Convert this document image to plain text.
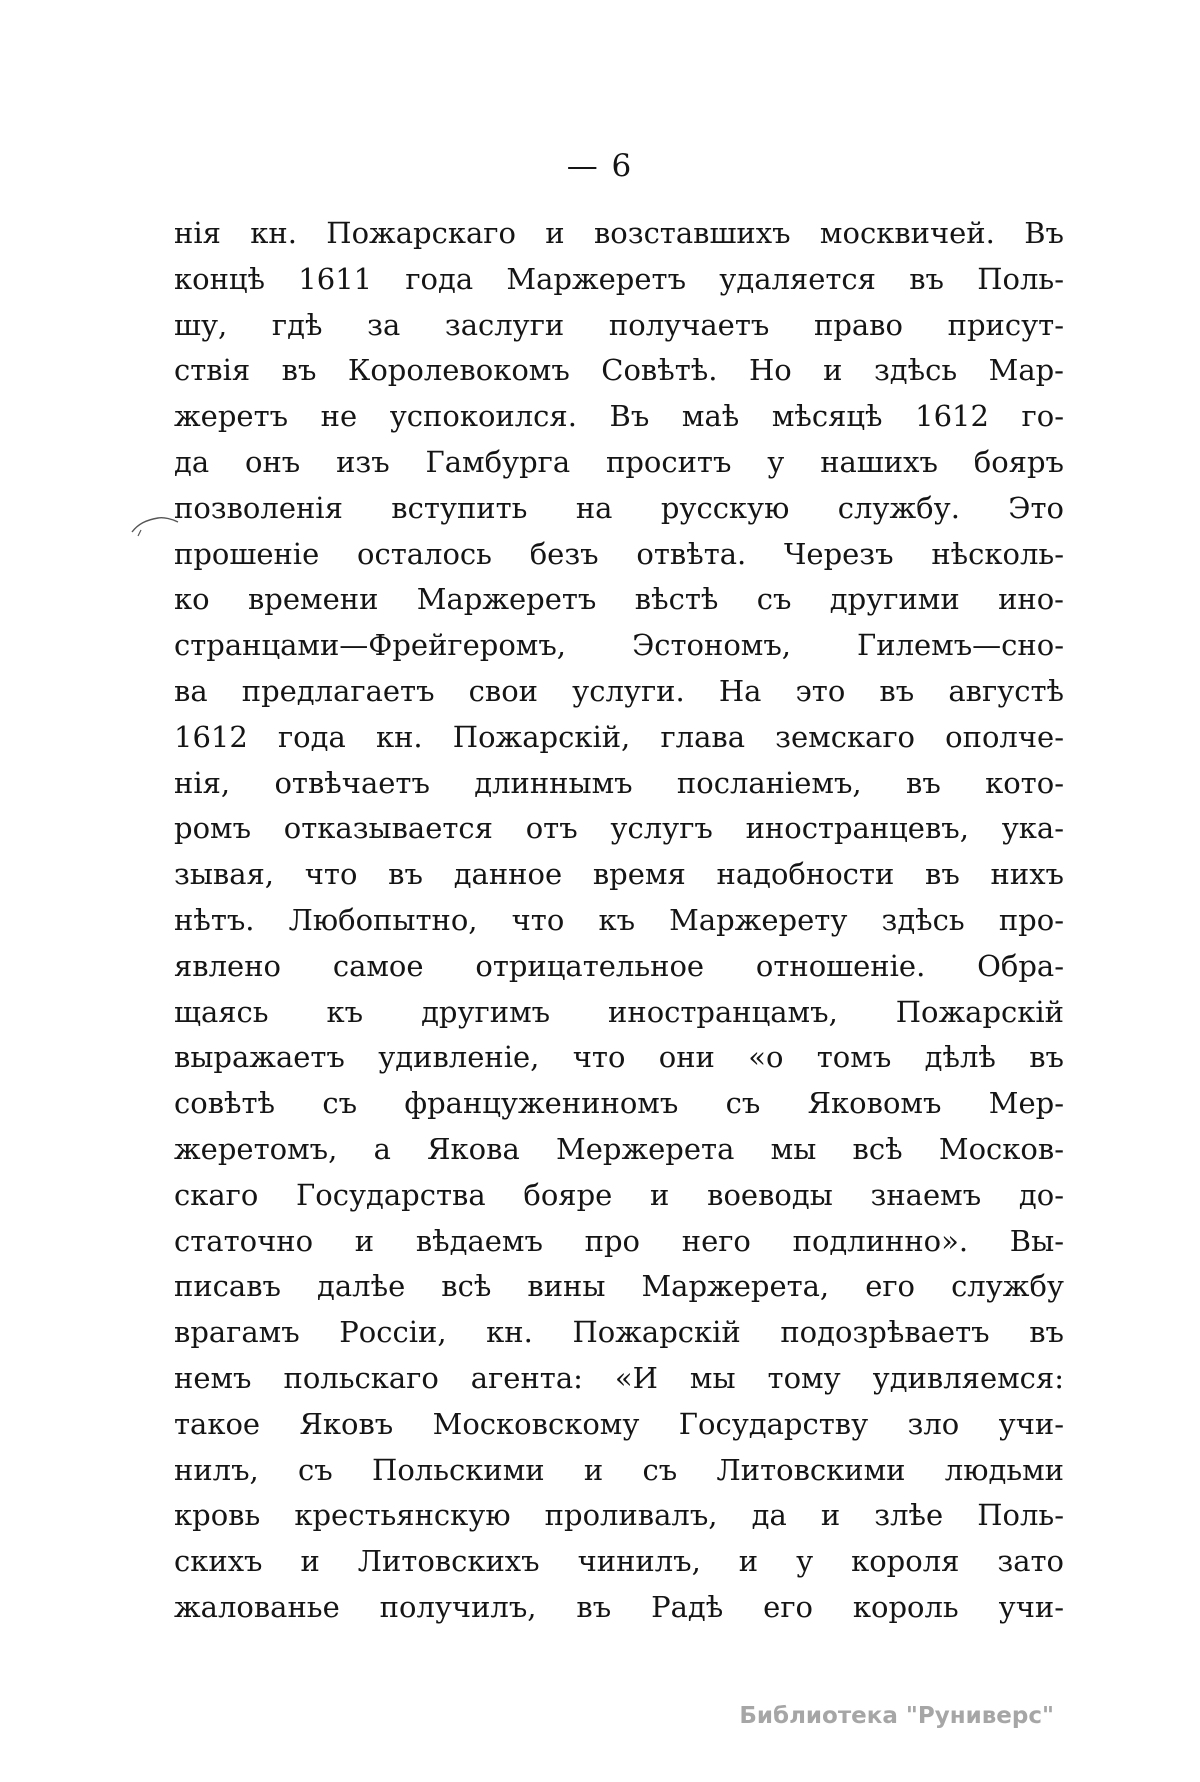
— 6
нія кн. Пожарскаго и возставшихъ москвичей. Въ
концѣ 1611 года Маржеретъ удаляется въ Поль-
шу, гдѣ за заслуги получаетъ право присут-
ствія въ Королевокомъ Совѣтѣ. Но и здѣсь Мар-
жеретъ не успокоился. Въ маѣ мѣсяцѣ 1612 го-
да онъ изъ Гамбурга проситъ у нашихъ бояръ
позволенія вступить на русскую службу. Это
прошеніе осталось безъ отвѣта. Черезъ нѣсколь-
ко времени Маржеретъ вѣстѣ съ другими ино-
странцами—Фрейгеромъ, Эстономъ, Гилемъ—сно-
ва предлагаетъ свои услуги. На это въ августѣ
1612 года кн. Пожарскій, глава земскаго ополче-
нія, отвѣчаетъ длиннымъ посланіемъ, въ кото-
ромъ отказывается отъ услугъ иностранцевъ, ука-
зывая, что въ данное время надобности въ нихъ
нѣтъ. Любопытно, что къ Маржерету здѣсь про-
явлено самое отрицательное отношеніе. Обра-
щаясь къ другимъ иностранцамъ, Пожарскій
выражаетъ удивленіе, что они «о томъ дѣлѣ въ
совѣтѣ съ францужениномъ съ Яковомъ Мер-
жеретомъ, а Якова Мержерета мы всѣ Москов-
скаго Государства бояре и воеводы знаемъ до-
статочно и вѣдаемъ про него подлинно». Вы-
писавъ далѣе всѣ вины Маржерета, его службу
врагамъ Россіи, кн. Пожарскій подозрѣваетъ въ
немъ польскаго агента: «И мы тому удивляемся:
такое Яковъ Московскому Государству зло учи-
нилъ, съ Польскими и съ Литовскими людьми
кровь крестьянскую проливалъ, да и злѣе Поль-
скихъ и Литовскихъ чинилъ, и у короля зато
жалованье получилъ, въ Радѣ его король учи-
Библиотека "Руниверс"
